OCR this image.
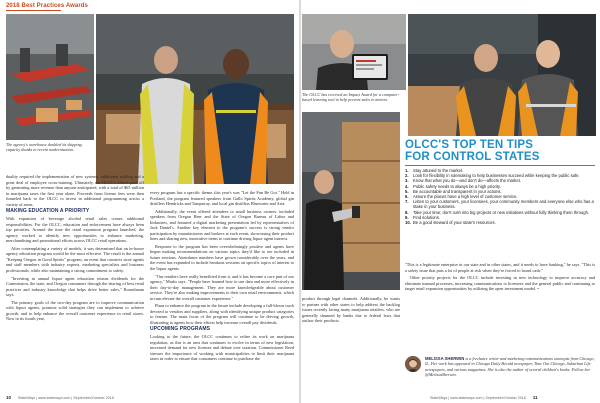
2018 Best Practices Awards
The agency's warehouse doubled its shipping capacity thanks to recent modernization.

duality required the implementation of new systems, additional staffing and a great deal of employee cross-training. Ultimately, the OLCC's efforts paid off by generating more revenue than anyone anticipated, with a total of $65 million in marijuana taxes the first year alone. Proceeds from license fees were then funneled back to the OLCC to invest in additional programming across a variety of areas.

MAKING EDUCATION A PRIORITY

With expansion of beverage alcohol retail sales comes additional responsibilities. For the OLCC, education and enforcement have always been top priorities. Around the time the retail expansion program launched, the agency worked to identify new opportunities to enhance marketing, merchandising and promotional efforts across OLCC retail operations.

After contemplating a variety of models, it was determined that an in-house agency education program would be the most effective. The result is the annual "Keeping Oregon in Good Spirits" program, an event that connects store agents and staff members with industry experts, marketing specialists and business professionals, while also maintaining a strong commitment to safety.

"Investing in annual liquor agent education retains dividends for the Commission, the state, and Oregon consumers through the sharing of best retail practices and industry knowledge that helps drive better sales," Rosenbaum says.

The primary goals of the two-day program are to improve communication with liquor agents, promote solid strategies they can implement to achieve growth, and to help enhance the overall customer experience in retail stores. Now in its fourth year,

every program has a specific theme–this year's was "Let the Fun Be Got." Held in Portland, the program featured speakers from Gallo Spirits Academy, global gin distillers Hendricks and Tanqueray, and local gin distillers Bluewater and Aria.

Additionally, the event offered attendees to small business owners: included speakers from Oregon Beer and the State of Oregon Bureau of Labor and Industries, and featured a digital marketing presentation led by representatives of Jack Daniel's. Another key element to the program's success is strong vendor participation by manufacturers and brokers at each event, showcasing their product lines and sharing new, innovative items to continue driving liquor agent interest.

Response to the program has been overwhelmingly positive and agents have begun making recommendations on various topics they'd like to see included in future sessions. Attendance numbers have grown considerably over the years, and the event has expanded to include breakout sessions on specific topics of interest to the liquor agents.

"Our retailers have really benefitted from it, and it has become a core part of our agency," Marks says. "People have learned how to use data and more effectively in their day-to-day management. They are more knowledgeable about customer service. They're also making improvements to their own retail environments, which in turn elevate the overall customer experience."

Plans to enhance the program in the future include developing a full-blown track devoted to vendors and suppliers, along with identifying unique product categories to feature. The main focus of the program will continue to be driving growth, illustrating to agents how their efforts help increase overall pay dividends.

UPCOMING PROGRAMS

Looking to the future, the OLCC continues to refine its work on marijuana regulation, as this is an area that continues to evolve in terms of new legislation, increased demand for new licenses and debate over taxation. Commissioner Reed stresses the importance of working with municipalities to limit their marijuana taxes in order to ensure that consumers continue to purchase the

10 StateWays | www.stateways.com | September/October 2018
The OLCC has received an Impact Award for a computer-based learning tool to help prevent sales to minors.

product through legal channels. Additionally, he wants to partner with other states to help address the backlog issues recently facing many marijuana retailers, who are generally shunned by banks due to federal laws that outlaw their products.

OLCC'S TOP TEN TIPS
FOR CONTROL STATES
1.	Stay attuned to the market.
2.	Look for flexibility in rulemaking to help businesses succeed while keeping the public safe.
3.	Know that what you do—and don't do—affects the market.
4.	Public safety needs to always be a high priority.
5.	Be accountable and transparent in your actions.
6.	Assure the places have a high level of customer service.
7.	Listen to your customers, your licensees, your community members and everyone else who has a stake in your business.
8.	Take your time; don't rush into big projects or new initiatives without fully thinking them through.
9.	Find solutions.
10. Be a good steward of your state's resources.

"This is a legitimate enterprise in our state and in other states, and it needs to have banking," he says. "This is a safety issue that puts a lot of people at risk when they're forced to hoard cash."

Other priority projects for the OLCC include investing in new technology to improve accuracy and eliminate manual processes, increasing communications to licensees and the general public and continuing to target retail expansion opportunities by utilizing the open investment model. •

MELISSA SHERWIN is a freelance writer and marketing communications strategist from Chicago, IL. Her work has appeared in Chicago Daily Herald newspaper, Time Out Chicago, Suburban Life newspapers, and various magazines. She is also the author of several children's books. Follow her @MelissaSherwin.
StateWays | www.stateways.com | September/October 2018 11
